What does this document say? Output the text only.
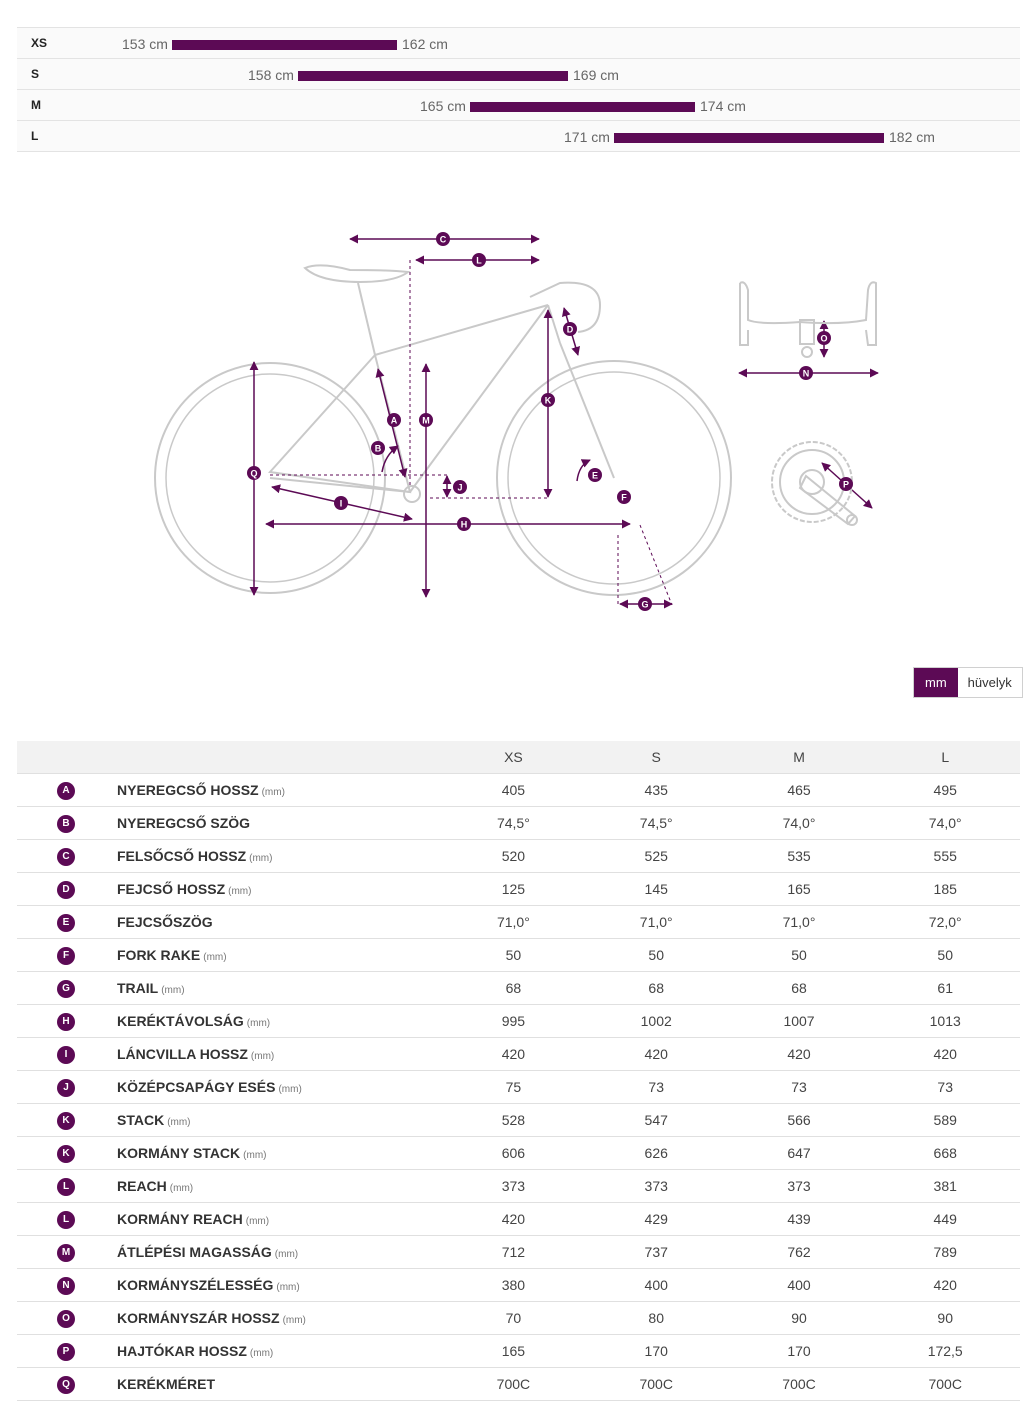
XS	153 cm	162 cm
S	158 cm	169 cm
M	165 cm	174 cm
L	171 cm	182 cm
A
B
C
D
E
F
G
H
I
J
K
L
M
N
O
P
Q
mm	hüvelyk
		XS	S	M	L
A	NYEREGCSŐ HOSSZ (mm)	405	435	465	495
B	NYEREGCSŐ SZÖG	74,5°	74,5°	74,0°	74,0°
C	FELSŐCSŐ HOSSZ (mm)	520	525	535	555
D	FEJCSŐ HOSSZ (mm)	125	145	165	185
E	FEJCSŐSZÖG	71,0°	71,0°	71,0°	72,0°
F	FORK RAKE (mm)	50	50	50	50
G	TRAIL (mm)	68	68	68	61
H	KERÉKTÁVOLSÁG (mm)	995	1002	1007	1013
I	LÁNCVILLA HOSSZ (mm)	420	420	420	420
J	KÖZÉPCSAPÁGY ESÉS (mm)	75	73	73	73
K	STACK (mm)	528	547	566	589
K	KORMÁNY STACK (mm)	606	626	647	668
L	REACH (mm)	373	373	373	381
L	KORMÁNY REACH (mm)	420	429	439	449
M	ÁTLÉPÉSI MAGASSÁG (mm)	712	737	762	789
N	KORMÁNYSZÉLESSÉG (mm)	380	400	400	420
O	KORMÁNYSZÁR HOSSZ (mm)	70	80	90	90
P	HAJTÓKAR HOSSZ (mm)	165	170	170	172,5
Q	KERÉKMÉRET	700C	700C	700C	700C
